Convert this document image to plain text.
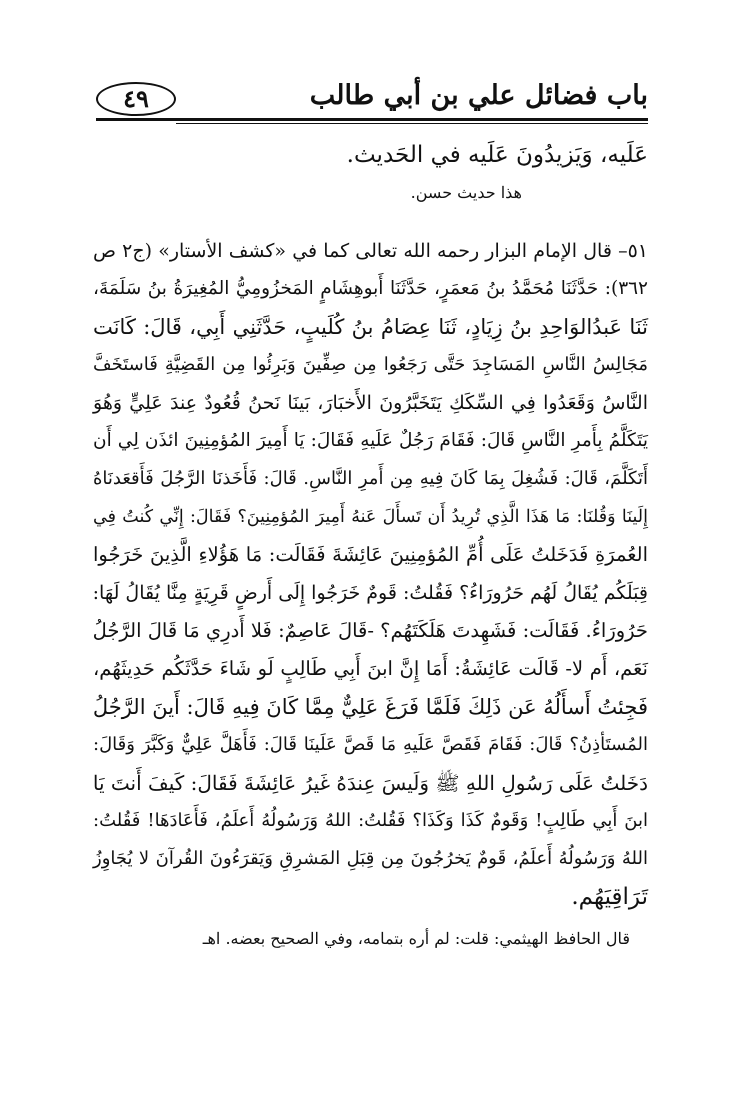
باب فضائل علي بن أبي طالب
٤٩
عَلَيه، وَيَزيدُونَ عَلَيه في الحَديث.
هذا حديث حسن.
٥١– قال الإمام البزار رحمه الله تعالى كما في «كشف الأستار» (ج٢ ص
٣٦٢): حَدَّثَنَا مُحَمَّدُ بنُ مَعمَرٍ، حَدَّثَنَا أَبوهِشَامٍ المَخزُومِيُّ المُغِيرَةُ بنُ سَلَمَةَ،
ثَنَا عَبدُالوَاحِدِ بنُ زِيَادٍ، ثَنَا عِصَامُ بنُ كُلَيبٍ، حَدَّثَنِي أَبِي، قَالَ: كَانَت
مَجَالِسُ النَّاسِ المَسَاجِدَ حَتَّى رَجَعُوا مِن صِفِّينَ وَبَرِئُوا مِن القَضِيَّةِ فَاستَخَفَّ
النَّاسُ وَقَعَدُوا فِي السِّكَكِ يَتَخَبَّرُونَ الأَخبَارَ، بَينَا نَحنُ قُعُودٌ عِندَ عَلِيٍّ وَهُوَ
يَتَكَلَّمُ بِأَمرِ النَّاسِ قَالَ: فَقَامَ رَجُلٌ عَلَيهِ فَقَالَ: يَا أَمِيرَ المُؤمِنِينَ ائذَن لِي أَن
أَتَكَلَّمَ، قَالَ: فَشُغِلَ بِمَا كَانَ فِيهِ مِن أَمرِ النَّاسِ. قَالَ: فَأَخَذنَا الرَّجُلَ فَأَقعَدنَاهُ
إِلَينَا وَقُلنَا: مَا هَذَا الَّذِي تُرِيدُ أَن تَسأَلَ عَنهُ أَمِيرَ المُؤمِنِينَ؟ فَقَالَ: إِنِّي كُنتُ فِي
العُمرَةِ فَدَخَلتُ عَلَى أُمِّ المُؤمِنِينَ عَائِشَةَ فَقَالَت: مَا هَؤُلاءِ الَّذِينَ خَرَجُوا
قِبَلَكُم يُقَالُ لَهُم حَرُورَاءُ؟ فَقُلتُ: قَومٌ خَرَجُوا إِلَى أَرضٍ قَرِيَةٍ مِنَّا يُقَالُ لَهَا:
حَرُورَاءُ. فَقَالَت: فَشَهِدتَ هَلَكَتَهُم؟ -قَالَ عَاصِمٌ: فَلا أَدرِي مَا قَالَ الرَّجُلُ
نَعَم، أَم لا- قَالَت عَائِشَةُ: أَمَا إِنَّ ابنَ أَبِي طَالِبٍ لَو شَاءَ حَدَّثَكُم حَدِيثَهُم،
فَجِئتُ أَسأَلُهُ عَن ذَلِكَ فَلَمَّا فَرَغَ عَلِيٌّ مِمَّا كَانَ فِيهِ قَالَ: أَينَ الرَّجُلُ
المُستَأذِنُ؟ قَالَ: فَقَامَ فَقَصَّ عَلَيهِ مَا قَصَّ عَلَينَا قَالَ: فَأَهَلَّ عَلِيٌّ وَكَبَّرَ وَقَالَ:
دَخَلتُ عَلَى رَسُولِ اللهِ ﷺ وَلَيسَ عِندَهُ غَيرُ عَائِشَةَ فَقَالَ: كَيفَ أَنتَ يَا
ابنَ أَبِي طَالِبٍ! وَقَومٌ كَذَا وَكَذَا؟ فَقُلتُ: اللهُ وَرَسُولُهُ أَعلَمُ، فَأَعَادَهَا! فَقُلتُ:
اللهُ وَرَسُولُهُ أَعلَمُ، قَومٌ يَخرُجُونَ مِن قِبَلِ المَشرِقِ وَيَقرَءُونَ القُرآنَ لا يُجَاوِزُ
تَرَاقِيَهُم.
قال الحافظ الهيثمي: قلت: لم أره بتمامه، وفي الصحيح بعضه. اهـ
